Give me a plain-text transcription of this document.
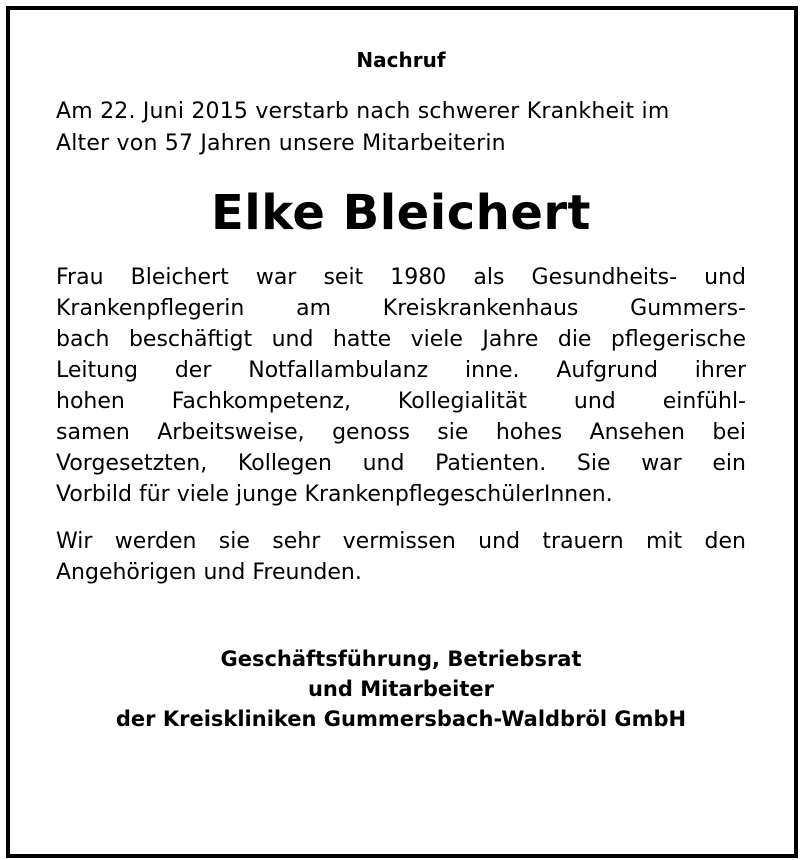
Nachruf

Am 22. Juni 2015 verstarb nach schwerer Krankheit im
Alter von 57 Jahren unsere Mitarbeiterin

Elke Bleichert

Frau Bleichert war seit 1980 als Gesundheits- und
Krankenpflegerin am Kreiskrankenhaus Gummers-
bach beschäftigt und hatte viele Jahre die pflegerische
Leitung der Notfallambulanz inne. Aufgrund ihrer
hohen Fachkompetenz, Kollegialität und einfühl-
samen Arbeitsweise, genoss sie hohes Ansehen bei
Vorgesetzten, Kollegen und Patienten. Sie war ein
Vorbild für viele junge KrankenpflegeschülerInnen.

Wir werden sie sehr vermissen und trauern mit den
Angehörigen und Freunden.

Geschäftsführung, Betriebsrat
und Mitarbeiter
der Kreiskliniken Gummersbach-Waldbröl GmbH
